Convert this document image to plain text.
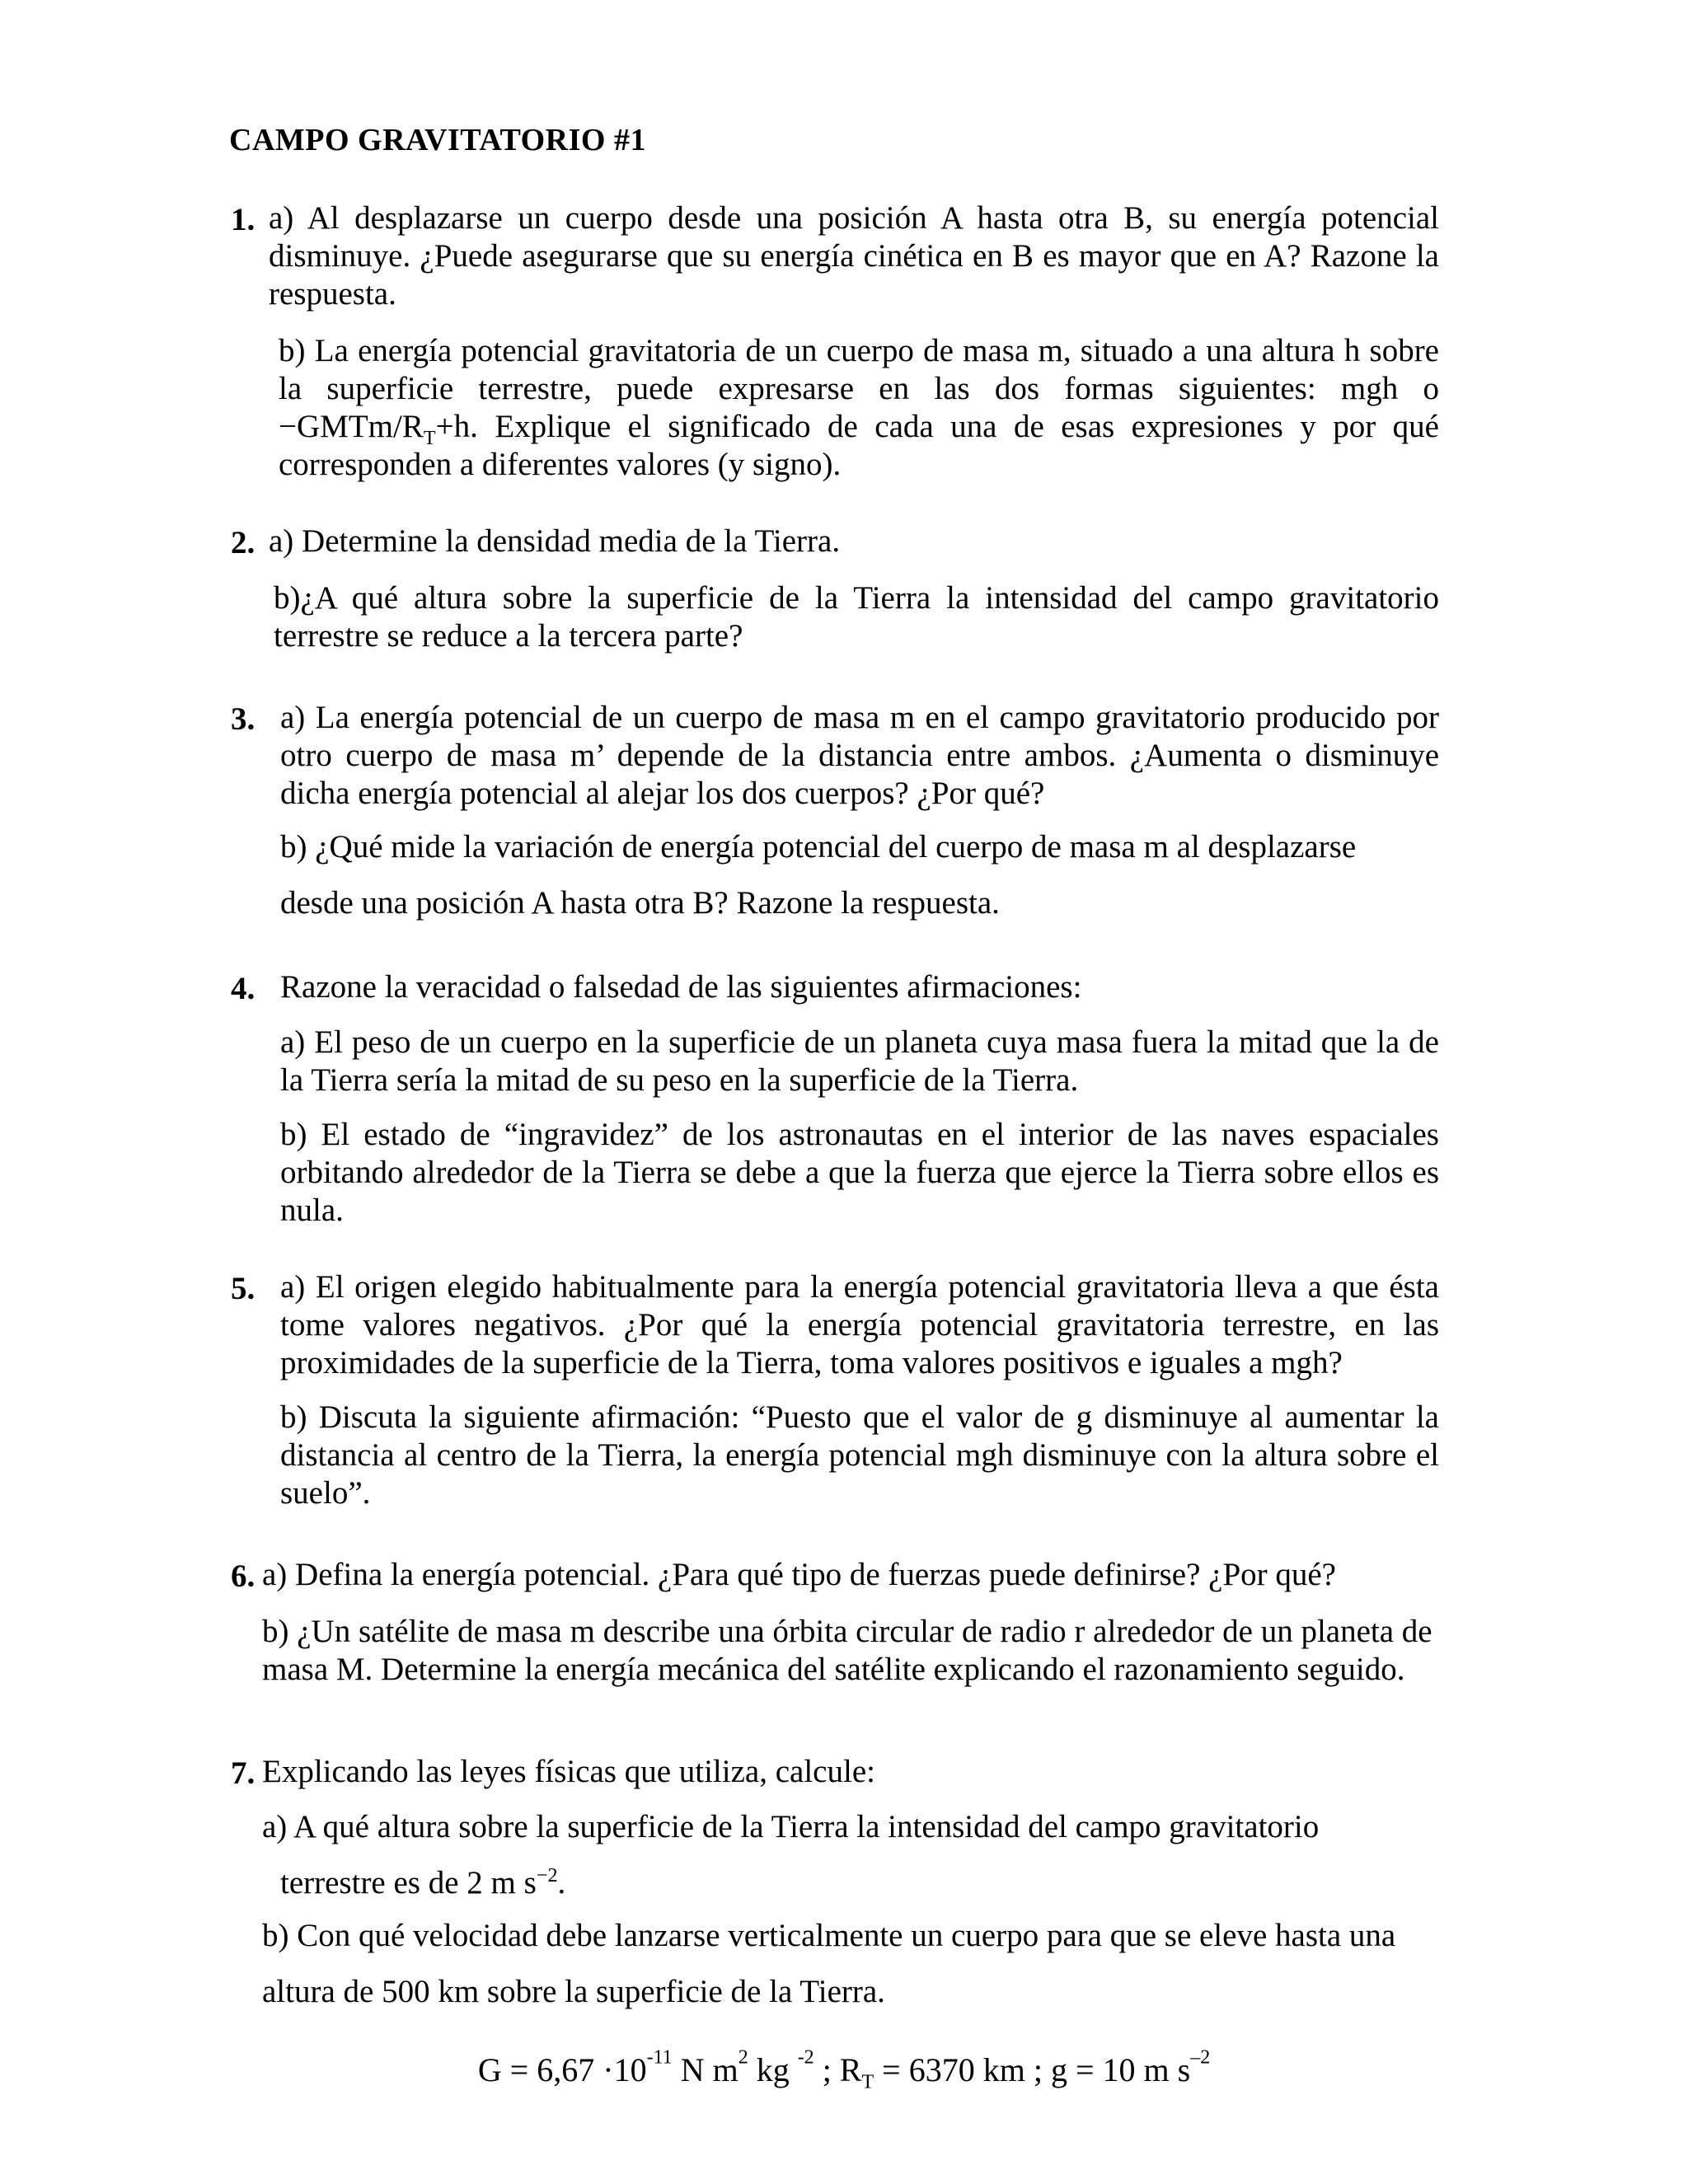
CAMPO GRAVITATORIO #1
1. a) Al desplazarse un cuerpo desde una posición A hasta otra B, su energía potencial disminuye. ¿Puede asegurarse que su energía cinética en B es mayor que en A? Razone la respuesta.

b) La energía potencial gravitatoria de un cuerpo de masa m, situado a una altura h sobre la superficie terrestre, puede expresarse en las dos formas siguientes: mgh $o -GMTm/R_T+h$. Explique el significado de cada una de esas expresiones y por qué corresponden a diferentes valores (y signo).

2. a) Determine la densidad media de la Tierra.

b)¿A qué altura sobre la superficie de la Tierra la intensidad del campo gravitatorio terrestre se reduce a la tercera parte?

3. a) La energía potencial de un cuerpo de masa m en el campo gravitatorio producido por otro cuerpo de masa m’ depende de la distancia entre ambos. ¿Aumenta o disminuye dicha energía potencial al alejar los dos cuerpos? ¿Por qué?

b) ¿Qué mide la variación de energía potencial del cuerpo de masa m al desplazarse
desde una posición A hasta otra B? Razone la respuesta.
4. Razone la veracidad o falsedad de las siguientes afirmaciones:

a) El peso de un cuerpo en la superficie de un planeta cuya masa fuera la mitad que la de la Tierra sería la mitad de su peso en la superficie de la Tierra.

b) El estado de “ingravidez” de los astronautas en el interior de las naves espaciales orbitando alrededor de la Tierra se debe a que la fuerza que ejerce la Tierra sobre ellos es nula.

5. a) El origen elegido habitualmente para la energía potencial gravitatoria lleva a que ésta tome valores negativos. ¿Por qué la energía potencial gravitatoria terrestre, en las proximidades de la superficie de la Tierra, toma valores positivos e iguales a mgh?

b) Discuta la siguiente afirmación: “Puesto que el valor de g disminuye al aumentar la distancia al centro de la Tierra, la energía potencial mgh disminuye con la altura sobre el suelo”.

6. a) Defina la energía potencial. ¿Para qué tipo de fuerzas puede definirse? ¿Por qué?

b) ¿Un satélite de masa m describe una órbita circular de radio r alrededor de un planeta de masa M. Determine la energía mecánica del satélite explicando el razonamiento seguido.

7. Explicando las leyes físicas que utiliza, calcule:
a) A qué altura sobre la superficie de la Tierra la intensidad del campo gravitatorio
terrestre es de 2 m $s^{-2}$.
b) Con qué velocidad debe lanzarse verticalmente un cuerpo para que se eleve hasta una
altura de 500 km sobre la superficie de la Tierra.
$G = 6,67 \cdot 10^{-11}$ N $m^2$ kg $^{-2}$ ; $R_T = 6370$ km ; g = 10 m $s^{-2}$
